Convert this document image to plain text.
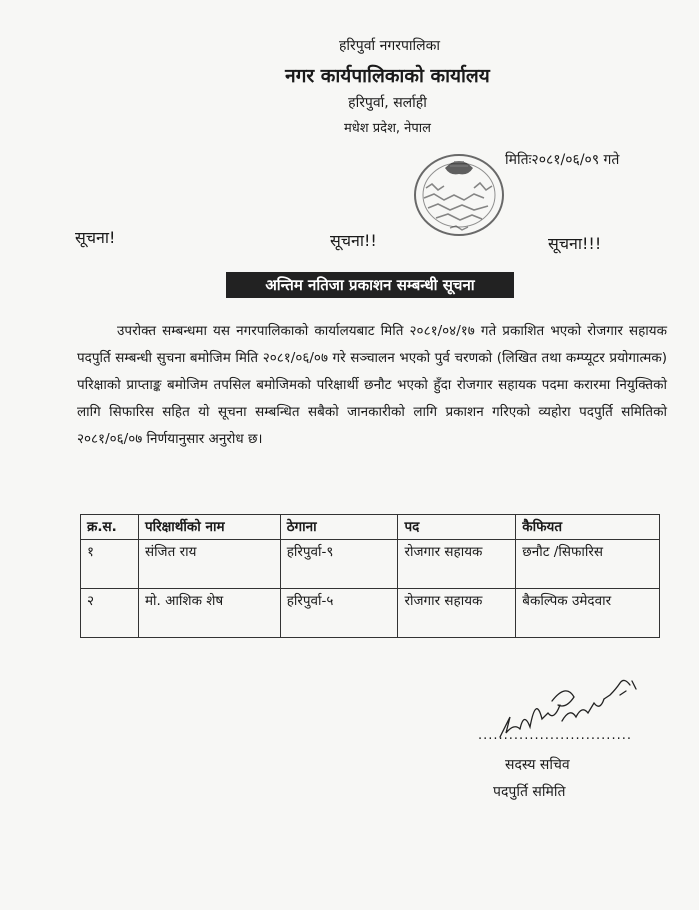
हरिपुर्वा नगरपालिका
नगर कार्यपालिकाको कार्यालय
हरिपुर्वा, सर्लाही
मधेश प्रदेश, नेपाल
मितिः२०८१/०६/०९ गते
सूचना!	सूचना!!	सूचना!!!
अन्तिम नतिजा प्रकाशन सम्बन्धी सूचना

उपरोक्त सम्बन्धमा यस नगरपालिकाको कार्यालयबाट मिति २०८१/०४/१७ गते प्रकाशित भएको रोजगार सहायक पदपुर्ति सम्बन्धी सुचना बमोजिम मिति २०८१/०६/०७ गरे सञ्चालन भएको पुर्व चरणको (लिखित तथा कम्प्यूटर प्रयोगात्मक) परिक्षाको प्राप्ताङ्क बमोजिम तपसिल बमोजिमको परिक्षार्थी छनौट भएको हुँदा रोजगार सहायक पदमा करारमा नियुक्तिको लागि सिफारिस सहित यो सूचना सम्बन्धित सबैको जानकारीको लागि प्रकाशन गरिएको व्यहोरा पदपुर्ति समितिको २०८१/०६/०७ निर्णयानुसार अनुरोध छ।

क्र.स.	परिक्षार्थीको नाम	ठेगाना	पद	कैफियत
१	संजित राय	हरिपुर्वा-९	रोजगार सहायक	छनौट /सिफारिस
२	मो. आशिक शेष	हरिपुर्वा-५	रोजगार सहायक	बैकल्पिक उमेदवार
..............................
सदस्य सचिव
पदपुर्ति समिति
